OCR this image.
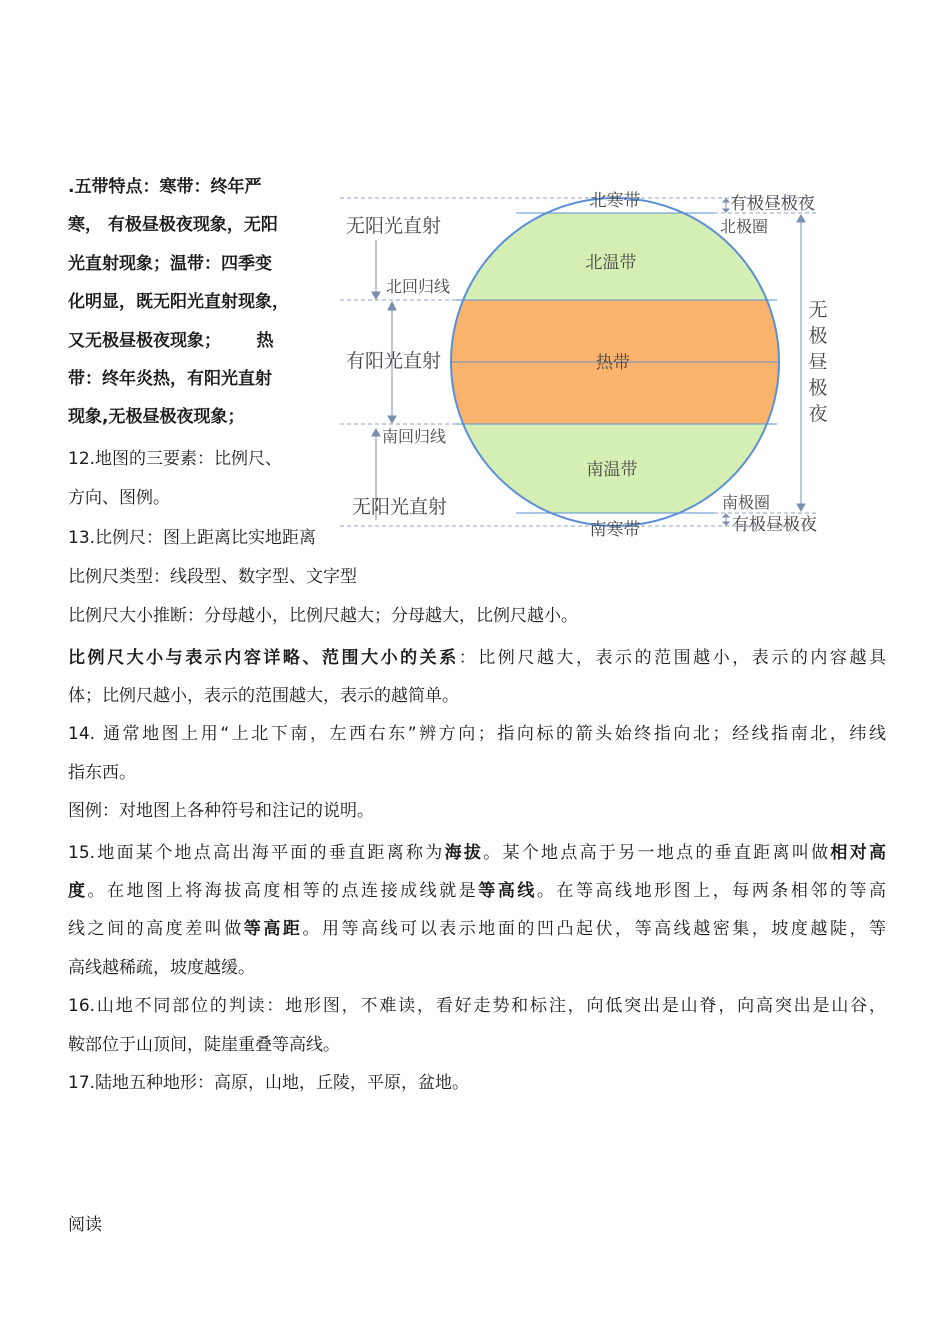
.五带特点：寒带：终年严
寒， 有极昼极夜现象，无阳
光直射现象；温带：四季变
化明显，既无阳光直射现象，
又无极昼极夜现象；      热
带：终年炎热，有阳光直射
现象,无极昼极夜现象；
12.地图的三要素：比例尺、
方向、图例。
13.比例尺：图上距离比实地距离
北寒带
北温带
热带
南温带
南寒带
无阳光直射
北回归线
有阳光直射
南回归线
无阳光直射
有极昼极夜
北极圈
无
极
昼
极
夜
南极圈
有极昼极夜
比例尺类型：线段型、数字型、文字型
比例尺大小推断：分母越小，比例尺越大；分母越大，比例尺越小。
比例尺大小与表示内容详略、范围大小的关系：比例尺越大，表示的范围越小，表示的内容越具
体；比例尺越小，表示的范围越大，表示的越简单。
14. 通常地图上用“上北下南，左西右东”辨方向；指向标的箭头始终指向北；经线指南北，纬线
指东西。
图例：对地图上各种符号和注记的说明。
15.地面某个地点高出海平面的垂直距离称为海拔。某个地点高于另一地点的垂直距离叫做相对高
度。在地图上将海拔高度相等的点连接成线就是等高线。在等高线地形图上，每两条相邻的等高
线之间的高度差叫做等高距。用等高线可以表示地面的凹凸起伏，等高线越密集，坡度越陡，等
高线越稀疏，坡度越缓。
16.山地不同部位的判读：地形图，不难读，看好走势和标注，向低突出是山脊，向高突出是山谷，
鞍部位于山顶间，陡崖重叠等高线。
17.陆地五种地形：高原，山地，丘陵，平原，盆地。
阅读
